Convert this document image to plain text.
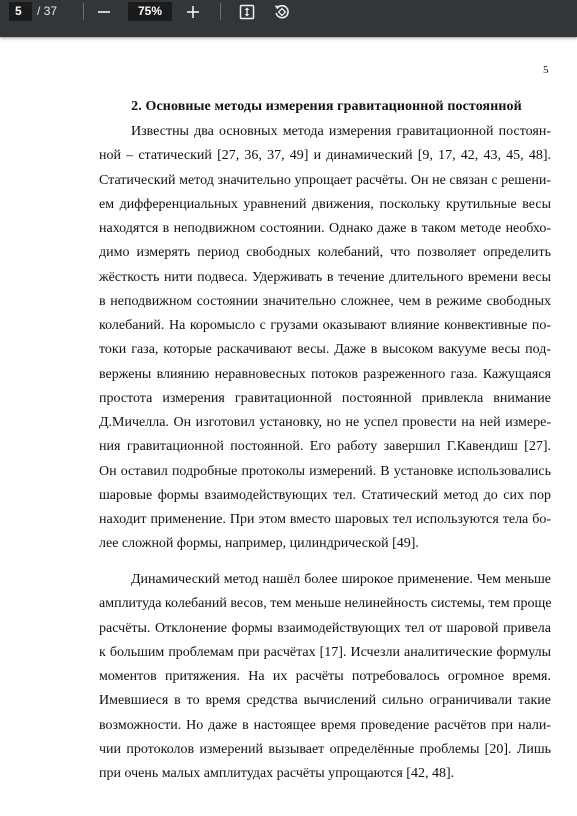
5	/ 37	75%
5
2. Основные методы измерения гравитационной постоянной
Известны два основных метода измерения гравитационной постоян-
ной – статический [27, 36, 37, 49] и динамический [9, 17, 42, 43, 45, 48].
Статический метод значительно упрощает расчёты. Он не связан с решени-
ем дифференциальных уравнений движения, поскольку крутильные весы
находятся в неподвижном состоянии. Однако даже в таком методе необхо-
димо измерять период свободных колебаний, что позволяет определить
жёсткость нити подвеса. Удерживать в течение длительного времени весы
в неподвижном состоянии значительно сложнее, чем в режиме свободных
колебаний. На коромысло с грузами оказывают влияние конвективные по-
токи газа, которые раскачивают весы. Даже в высоком вакууме весы под-
вержены влиянию неравновесных потоков разреженного газа. Кажущаяся
простота измерения гравитационной постоянной привлекла внимание
Д.Мичелла. Он изготовил установку, но не успел провести на ней измере-
ния гравитационной постоянной. Его работу завершил Г.Кавендиш [27].
Он оставил подробные протоколы измерений. В установке использовались
шаровые формы взаимодействующих тел. Статический метод до сих пор
находит применение. При этом вместо шаровых тел используются тела бо-
лее сложной формы, например, цилиндрической [49].
Динамический метод нашёл более широкое применение. Чем меньше
амплитуда колебаний весов, тем меньше нелинейность системы, тем проще
расчёты. Отклонение формы взаимодействующих тел от шаровой привела
к большим проблемам при расчётах [17]. Исчезли аналитические формулы
моментов притяжения. На их расчёты потребовалось огромное время.
Имевшиеся в то время средства вычислений сильно ограничивали такие
возможности. Но даже в настоящее время проведение расчётов при нали-
чии протоколов измерений вызывает определённые проблемы [20]. Лишь
при очень малых амплитудах расчёты упрощаются [42, 48].
